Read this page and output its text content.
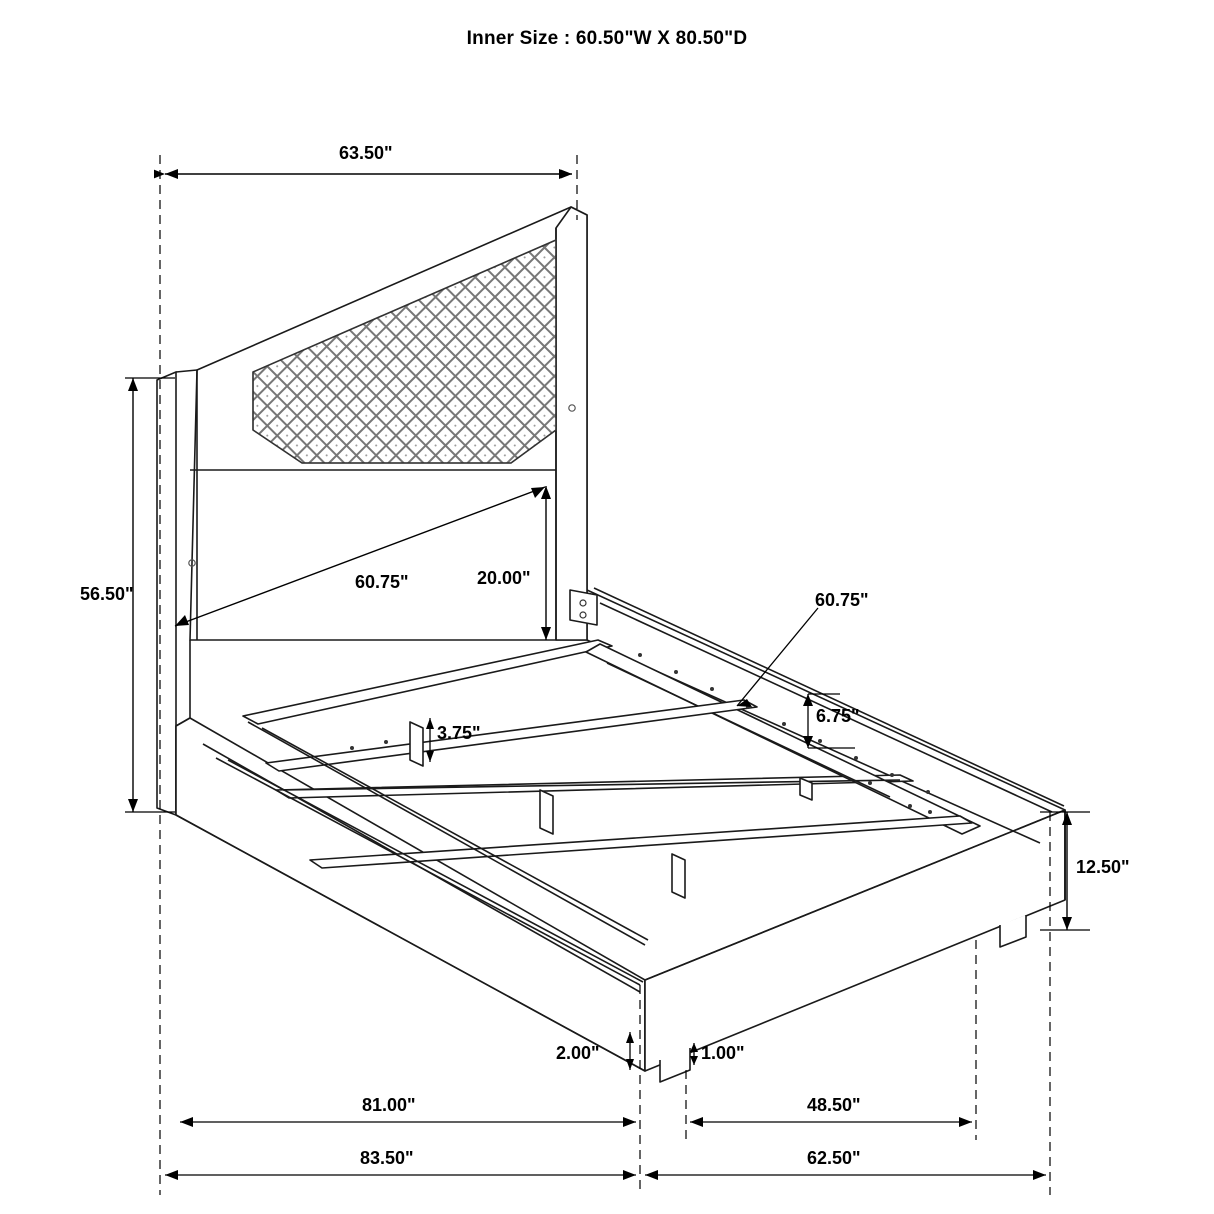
Inner Size : 60.50"W X 80.50"D
63.50"
56.50"
60.75"	20.00"
3.75"
60.75"
6.75"
12.50"
2.00"	1.00"
81.00"	48.50"
83.50"	62.50"
